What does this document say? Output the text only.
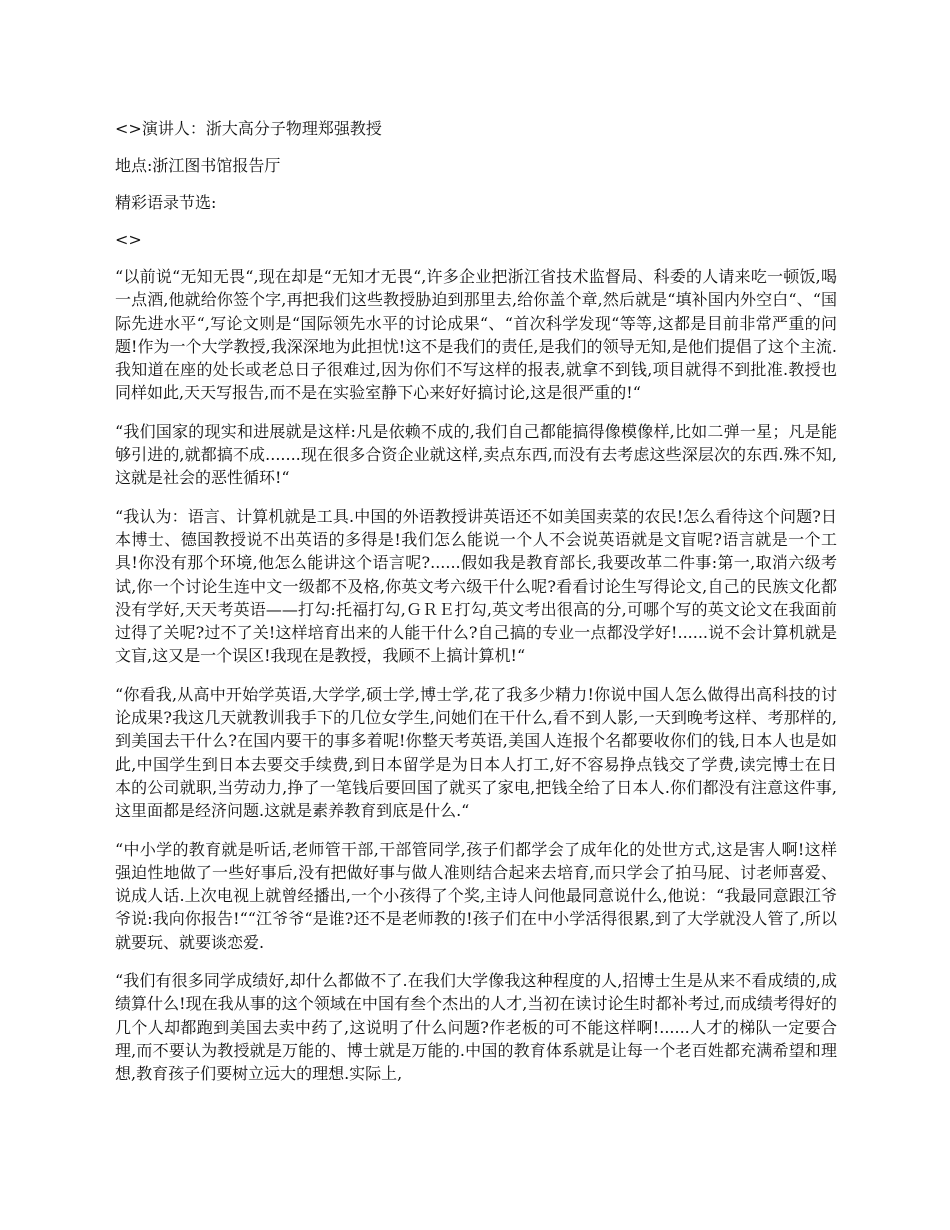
<>演讲人：浙大高分子物理郑强教授
地点:浙江图书馆报告厅
精彩语录节选:
<>

“以前说“无知无畏“,现在却是“无知才无畏“,许多企业把浙江省技术监督局、科委的人请来吃一顿饭,喝一点酒,他就给你签个字,再把我们这些教授胁迫到那里去,给你盖个章,然后就是“填补国内外空白“、“国际先进水平“,写论文则是“国际领先水平的讨论成果“、“首次科学发现“等等,这都是目前非常严重的问题!作为一个大学教授,我深深地为此担忧!这不是我们的责任,是我们的领导无知,是他们提倡了这个主流.我知道在座的处长或老总日子很难过,因为你们不写这样的报表,就拿不到钱,项目就得不到批准.教授也同样如此,天天写报告,而不是在实验室静下心来好好搞讨论,这是很严重的!“

“我们国家的现实和进展就是这样:凡是依赖不成的,我们自己都能搞得像模像样,比如二弹一星；凡是能够引进的,就都搞不成.......现在很多合资企业就这样,卖点东西,而没有去考虑这些深层次的东西.殊不知,这就是社会的恶性循环!“

“我认为：语言、计算机就是工具.中国的外语教授讲英语还不如美国卖菜的农民!怎么看待这个问题?日本博士、德国教授说不出英语的多得是!我们怎么能说一个人不会说英语就是文盲呢?语言就是一个工具!你没有那个环境,他怎么能讲这个语言呢?......假如我是教育部长,我要改革二件事:第一,取消六级考试,你一个讨论生连中文一级都不及格,你英文考六级干什么呢?看看讨论生写得论文,自己的民族文化都没有学好,天天考英语——打勾:托福打勾,ＧＲＥ打勾,英文考出很高的分,可哪个写的英文论文在我面前过得了关呢?过不了关!这样培育出来的人能干什么?自己搞的专业一点都没学好!......说不会计算机就是文盲,这又是一个误区!我现在是教授，我顾不上搞计算机!“

“你看我,从高中开始学英语,大学学,硕士学,博士学,花了我多少精力!你说中国人怎么做得出高科技的讨论成果?我这几天就教训我手下的几位女学生,问她们在干什么,看不到人影,一天到晚考这样、考那样的,到美国去干什么?在国内要干的事多着呢!你整天考英语,美国人连报个名都要收你们的钱,日本人也是如此,中国学生到日本去要交手续费,到日本留学是为日本人打工,好不容易挣点钱交了学费,读完博士在日本的公司就职,当劳动力,挣了一笔钱后要回国了就买了家电,把钱全给了日本人.你们都没有注意这件事,这里面都是经济问题.这就是素养教育到底是什么.“

“中小学的教育就是听话,老师管干部,干部管同学,孩子们都学会了成年化的处世方式,这是害人啊!这样强迫性地做了一些好事后,没有把做好事与做人准则结合起来去培育,而只学会了拍马屁、讨老师喜爱、说成人话.上次电视上就曾经播出,一个小孩得了个奖,主诗人问他最同意说什么,他说：“我最同意跟江爷爷说:我向你报告!““江爷爷“是谁?还不是老师教的!孩子们在中小学活得很累,到了大学就没人管了,所以就要玩、就要谈恋爱.

“我们有很多同学成绩好,却什么都做不了.在我们大学像我这种程度的人,招博士生是从来不看成绩的,成绩算什么!现在我从事的这个领域在中国有叁个杰出的人才,当初在读讨论生时都补考过,而成绩考得好的几个人却都跑到美国去卖中药了,这说明了什么问题?作老板的可不能这样啊!......人才的梯队一定要合理,而不要认为教授就是万能的、博士就是万能的.中国的教育体系就是让每一个老百姓都充满希望和理想,教育孩子们要树立远大的理想.实际上,
